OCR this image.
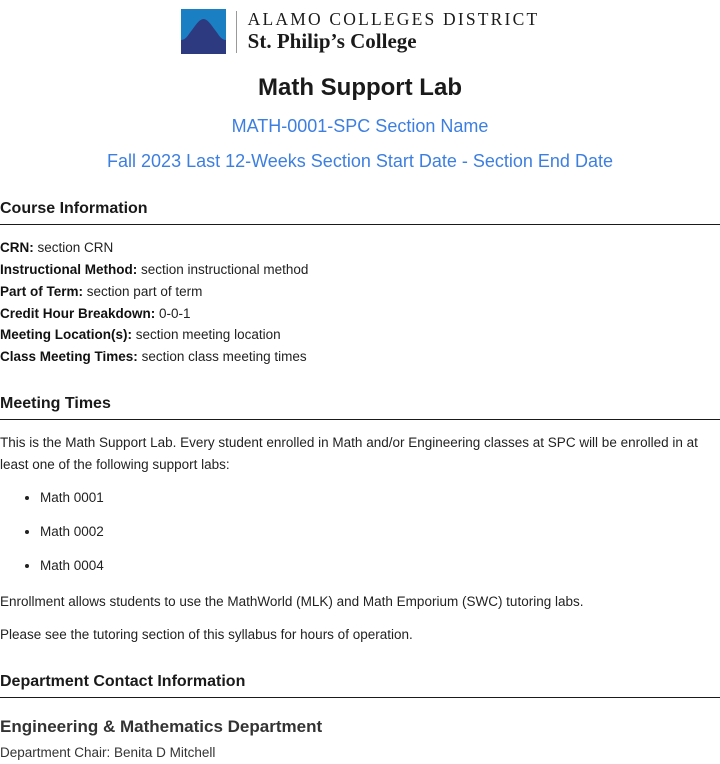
ALAMO COLLEGES DISTRICT
St. Philip’s College
Math Support Lab
MATH-0001-SPC Section Name
Fall 2023 Last 12-Weeks Section Start Date - Section End Date
Course Information
CRN: section CRN
Instructional Method: section instructional method
Part of Term: section part of term
Credit Hour Breakdown: 0-0-1
Meeting Location(s): section meeting location
Class Meeting Times: section class meeting times
Meeting Times

This is the Math Support Lab. Every student enrolled in Math and/or Engineering classes at SPC will be enrolled in at least one of the following support labs:

• Math 0001
• Math 0002
• Math 0004

Enrollment allows students to use the MathWorld (MLK) and Math Emporium (SWC) tutoring labs.

Please see the tutoring section of this syllabus for hours of operation.

Department Contact Information
Engineering & Mathematics Department
Department Chair: Benita D Mitchell
